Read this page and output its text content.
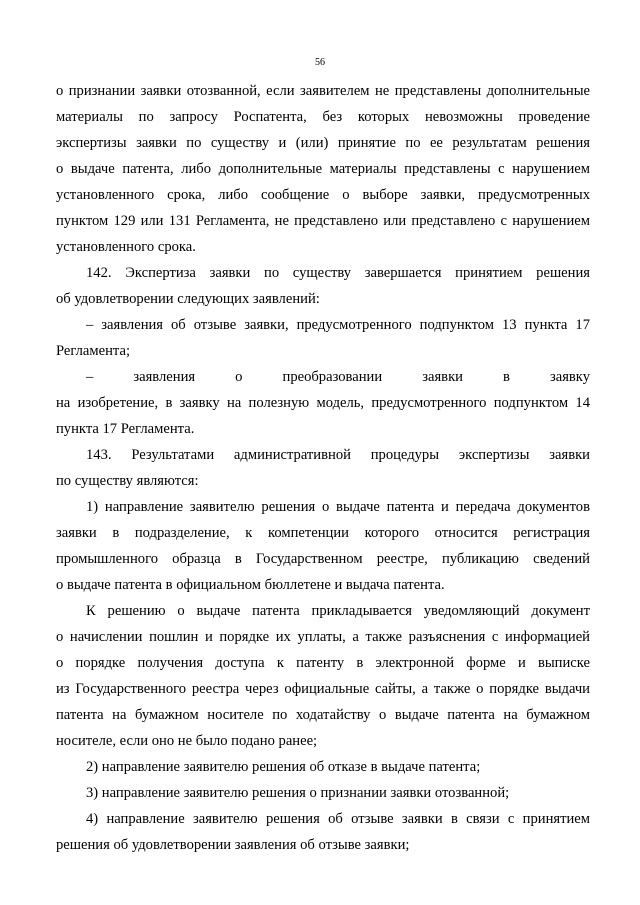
56
о признании заявки отозванной, если заявителем не представлены дополнительные
материалы по запросу Роспатента, без которых невозможны проведение
экспертизы заявки по существу и (или) принятие по ее результатам решения
о выдаче патента, либо дополнительные материалы представлены с нарушением
установленного срока, либо сообщение о выборе заявки, предусмотренных
пунктом 129 или 131 Регламента, не представлено или представлено с нарушением
установленного срока.
142. Экспертиза заявки по существу завершается принятием решения
об удовлетворении следующих заявлений:
– заявления об отзыве заявки, предусмотренного подпунктом 13 пункта 17
Регламента;
– заявления о преобразовании заявки в заявку
на изобретение, в заявку на полезную модель, предусмотренного подпунктом 14
пункта 17 Регламента.
143. Результатами административной процедуры экспертизы заявки
по существу являются:
1) направление заявителю решения о выдаче патента и передача документов
заявки в подразделение, к компетенции которого относится регистрация
промышленного образца в Государственном реестре, публикацию сведений
о выдаче патента в официальном бюллетене и выдача патента.
К решению о выдаче патента прикладывается уведомляющий документ
о начислении пошлин и порядке их уплаты, а также разъяснения с информацией
о порядке получения доступа к патенту в электронной форме и выписке
из Государственного реестра через официальные сайты, а также о порядке выдачи
патента на бумажном носителе по ходатайству о выдаче патента на бумажном
носителе, если оно не было подано ранее;
2) направление заявителю решения об отказе в выдаче патента;
3) направление заявителю решения о признании заявки отозванной;
4) направление заявителю решения об отзыве заявки в связи с принятием
решения об удовлетворении заявления об отзыве заявки;
